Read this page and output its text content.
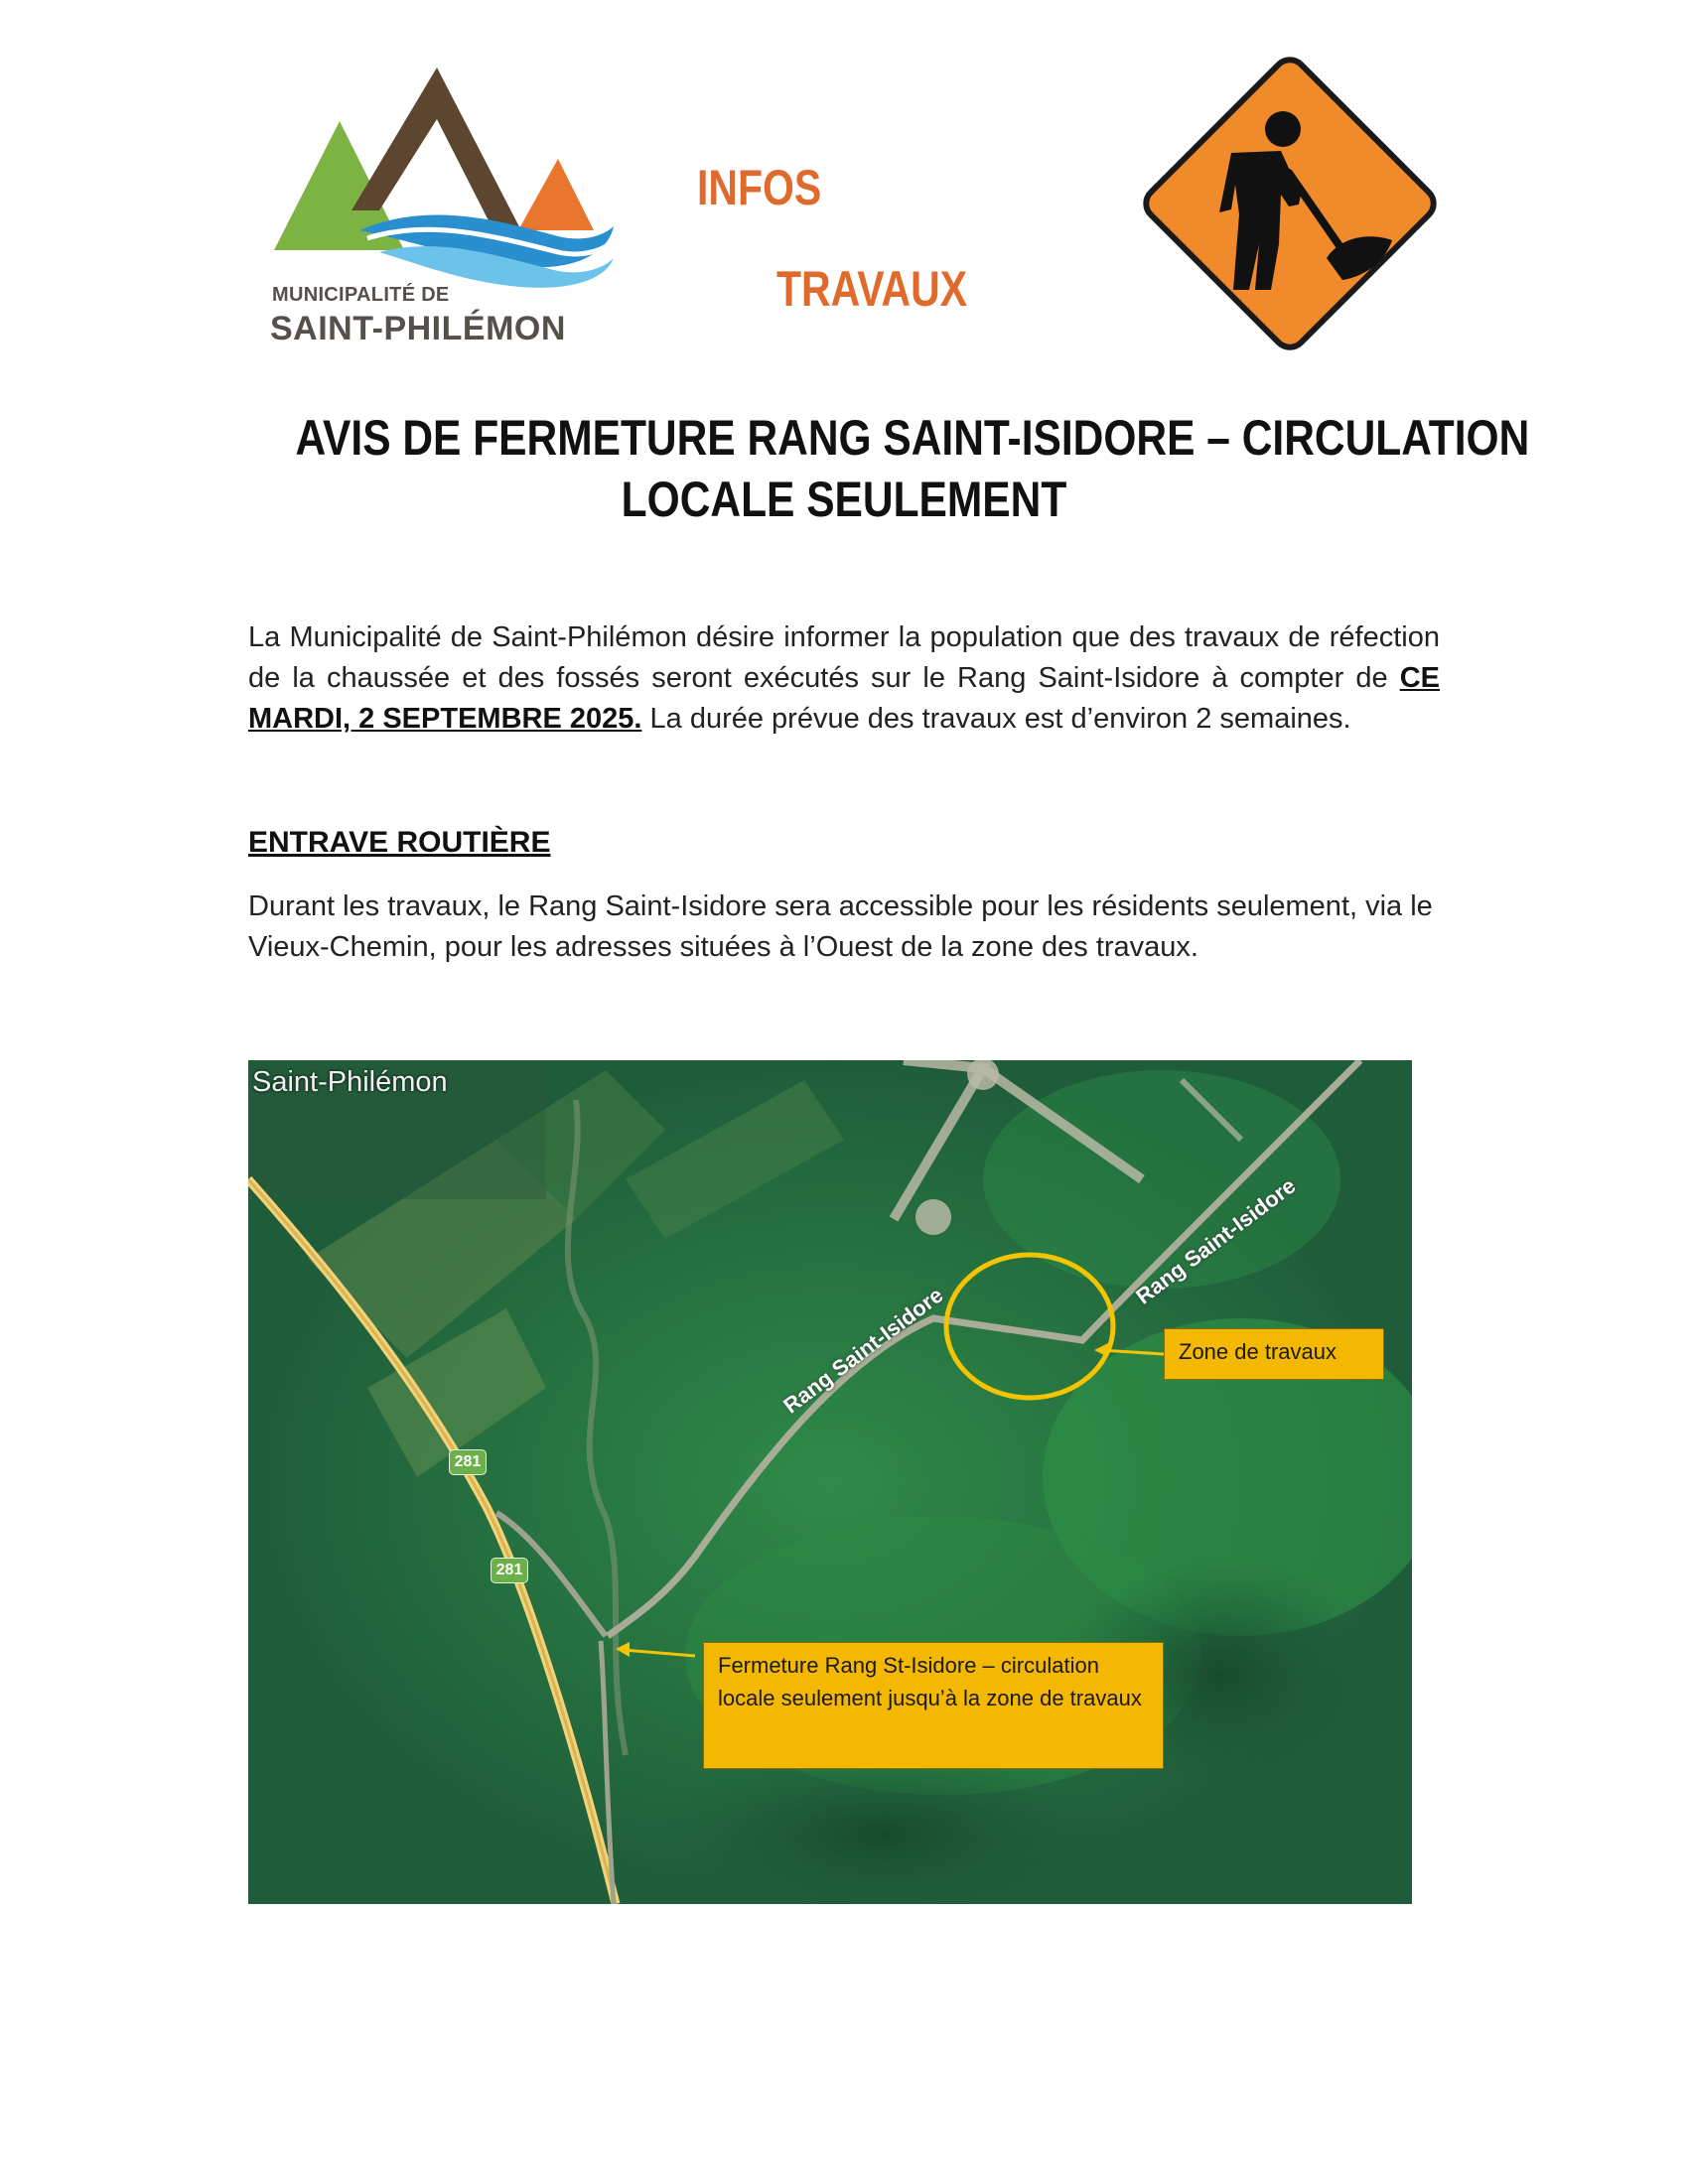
MUNICIPALITÉ DE
SAINT-PHILÉMON
INFOS
TRAVAUX
AVIS DE FERMETURE RANG SAINT-ISIDORE – CIRCULATION
LOCALE SEULEMENT
La Municipalité de Saint-Philémon désire informer la population que des travaux de réfection de la chaussée et des fossés seront exécutés sur le Rang Saint-Isidore à compter de CE MARDI, 2 SEPTEMBRE 2025. La durée prévue des travaux est d’environ 2 semaines.
ENTRAVE ROUTIÈRE
Durant les travaux, le Rang Saint-Isidore sera accessible pour les résidents seulement, via le Vieux-Chemin, pour les adresses situées à l’Ouest de la zone des travaux.
Saint-Philémon
Rang Saint-Isidore
Rang Saint-Isidore
281
281
Zone de travaux
Fermeture Rang St-Isidore – circulation locale seulement jusqu’à la zone de travaux
